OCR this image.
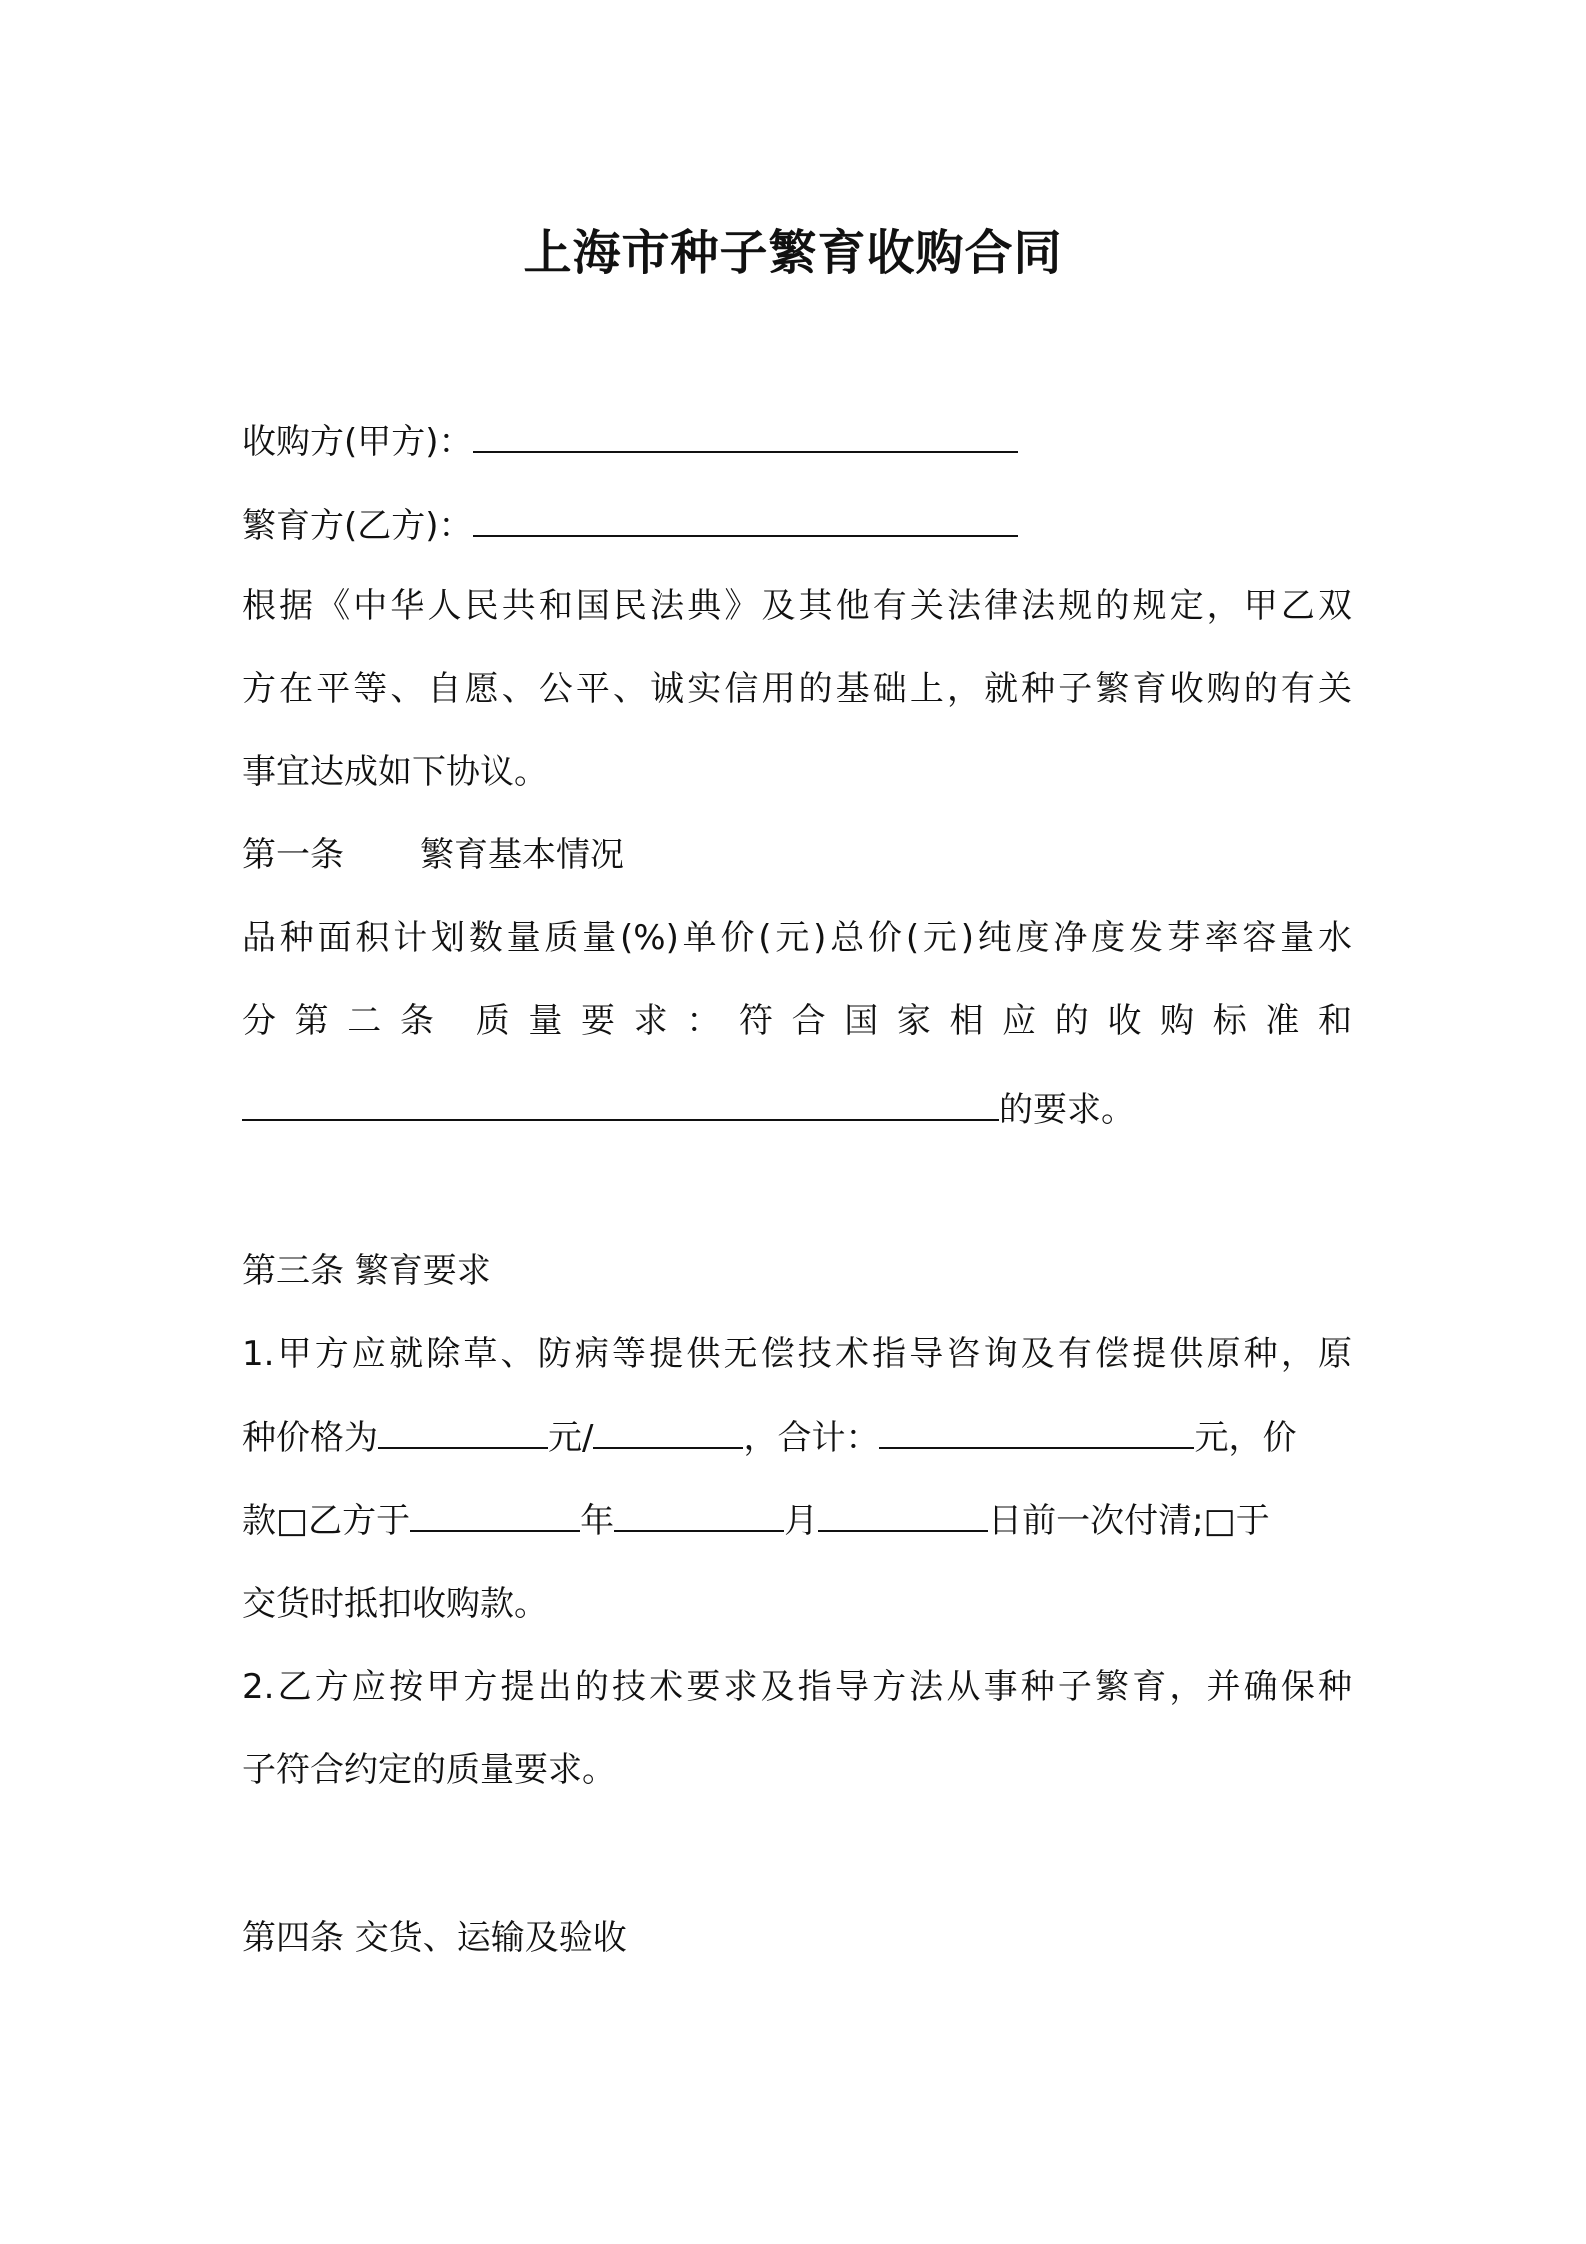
上海市种子繁育收购合同
收购方(甲方)：
繁育方(乙方)：
根据《中华人民共和国民法典》及其他有关法律法规的规定，甲乙双
方在平等、自愿、公平、诚实信用的基础上，就种子繁育收购的有关
事宜达成如下协议。
第一条 繁育基本情况
品种面积计划数量质量(%)单价(元)总价(元)纯度净度发芽率容量水
分 第 二 条　质 量 要 求 ： 符 合 国 家 相 应 的 收 购 标 准 和
的要求。
第三条 繁育要求
1.甲方应就除草、防病等提供无偿技术指导咨询及有偿提供原种，原
种价格为	元/	，合计：	元，价
款□乙方于	年	月	日前一次付清;□于
交货时抵扣收购款。
2.乙方应按甲方提出的技术要求及指导方法从事种子繁育，并确保种
子符合约定的质量要求。
第四条 交货、运输及验收
